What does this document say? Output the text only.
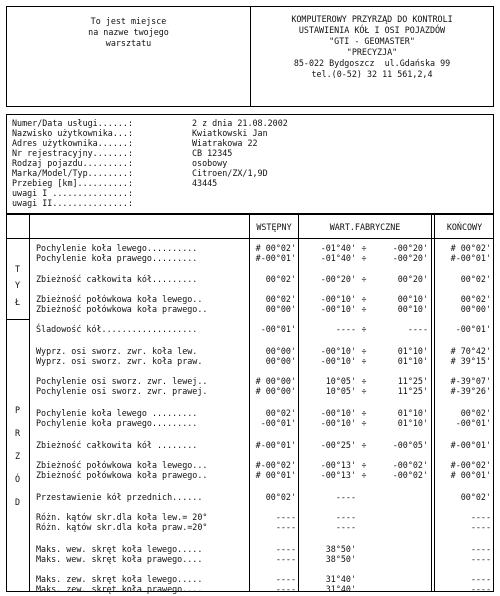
To jest miejsce
na nazwe twojego
warsztatu
KOMPUTEROWY PRZYRZĄD DO KONTROLI
USTAWIENIA KÓŁ I OSI POJAZDÓW
"GTI - GEOMASTER"
"PRECYZJA"
85-022 Bydgoszcz  ul.Gdańska 99
tel.(0-52) 32 11 561,2,4
Numer/Data usługi......:	2 z dnia 21.08.2002
Nazwisko użytkownika...:	Kwiatkowski Jan
Adres użytkownika......:	Wiatrakowa 22
Nr rejestracyjny.......:	CB 12345
Rodzaj pojazdu.........:	osobowy
Marka/Model/Typ........:	Citroen/ZX/1,9D
Przebieg [km]..........:	43445
uwagi I ...............:
uwagi II...............:
WSTĘPNY	WART.FABRYCZNE	KOŃCOWY
T
Y
Ł
P
R
Z
Ó
D
Pochylenie koła lewego..........	# 00°02'	-01°40' ÷	-00°20'	# 00°02'
Pochylenie koła prawego.........	#-00°01'	-01°40' ÷	-00°20'	#-00°01'
Zbieżność całkowita kół.........	00°02'	-00°20' ÷	00°20'	00°02'
Zbieżność połówkowa koła lewego..	00°02'	-00°10' ÷	00°10'	00°02'
Zbieżność połówkowa koła prawego..	00°00'	-00°10' ÷	00°10'	00°00'
Śladowość kół...................	-00°01'	---- ÷	----	-00°01'
Wyprz. osi sworz. zwr. koła lew.	00°00'	-00°10' ÷	01°10'	# 70°42'
Wyprz. osi sworz. zwr. koła praw.	00°00'	-00°10' ÷	01°10'	# 39°15'
Pochylenie osi sworz. zwr. lewej..	# 00°00'	10°05' ÷	11°25'	#-39°07'
Pochylenie osi sworz. zwr. prawej.	# 00°00'	10°05' ÷	11°25'	#-39°26'
Pochylenie koła lewego .........	00°02'	-00°10' ÷	01°10'	00°02'
Pochylenie koła prawego.........	-00°01'	-00°10' ÷	01°10'	-00°01'
Zbieżność całkowita kół ........	#-00°01'	-00°25' ÷	-00°05'	#-00°01'
Zbieżność połówkowa koła lewego...	#-00°02'	-00°13' ÷	-00°02'	#-00°02'
Zbieżność połówkowa koła prawego..	# 00°01'	-00°13' ÷	-00°02'	# 00°01'
Przestawienie kół przednich......	00°02'	----	00°02'
Różn. kątów skr.dla koła lew.= 20°	----	----	----
Różn. kątów skr.dla koła praw.=20°	----	----	----
Maks. wew. skręt koła lewego.....	----	38°50'	----
Maks. wew. skręt koła prawego....	----	38°50'	----
Maks. zew. skręt koła lewego.....	----	31°40'	----
Maks. zew. skręt koła prawego....	----	31°40'	----
